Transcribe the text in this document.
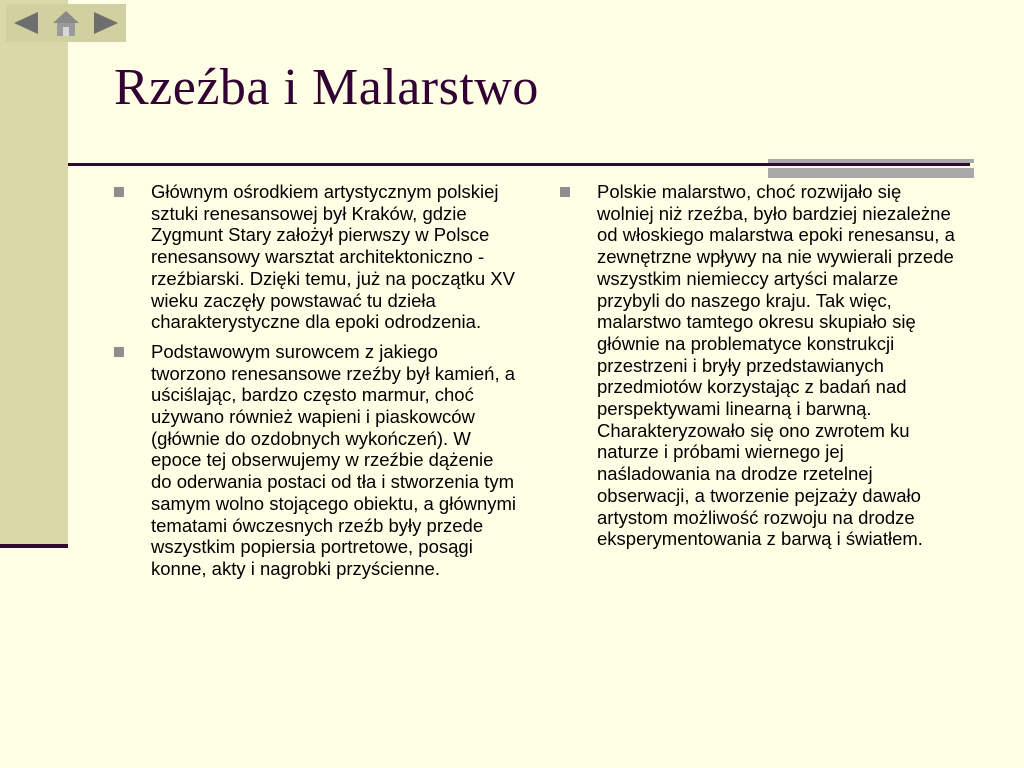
Rzeźba i Malarstwo

Głównym ośrodkiem artystycznym polskiej sztuki renesansowej był Kraków, gdzie Zygmunt Stary założył pierwszy w Polsce renesansowy warsztat architektoniczno - rzeźbiarski. Dzięki temu, już na początku XV wieku zaczęły powstawać tu dzieła charakterystyczne dla epoki odrodzenia.

Podstawowym surowcem z jakiego tworzono renesansowe rzeźby był kamień, a uściślając, bardzo często marmur, choć używano również wapieni i piaskowców (głównie do ozdobnych wykończeń). W epoce tej obserwujemy w rzeźbie dążenie do oderwania postaci od tła i stworzenia tym samym wolno stojącego obiektu, a głównymi tematami ówczesnych rzeźb były przede wszystkim popiersia portretowe, posągi konne, akty i nagrobki przyścienne.

Polskie malarstwo, choć rozwijało się wolniej niż rzeźba, było bardziej niezależne od włoskiego malarstwa epoki renesansu, a zewnętrzne wpływy na nie wywierali przede wszystkim niemieccy artyści malarze przybyli do naszego kraju. Tak więc, malarstwo tamtego okresu skupiało się głównie na problematyce konstrukcji przestrzeni i bryły przedstawianych przedmiotów korzystając z badań nad perspektywami linearną i barwną. Charakteryzowało się ono zwrotem ku naturze i próbami wiernego jej naśladowania na drodze rzetelnej obserwacji, a tworzenie pejzaży dawało artystom możliwość rozwoju na drodze eksperymentowania z barwą i światłem.
